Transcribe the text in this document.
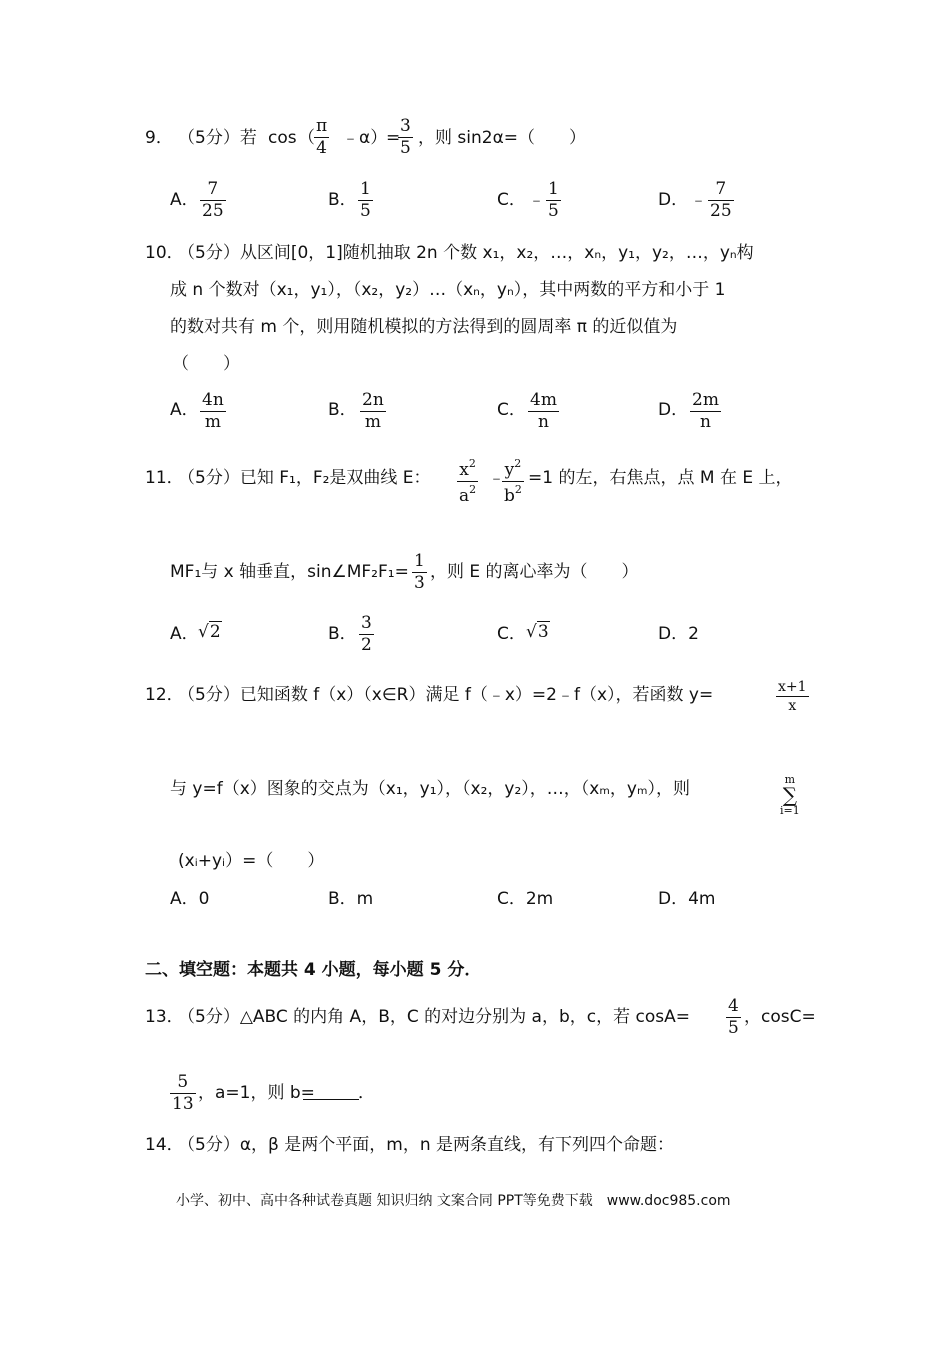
9． （5分）若 cos （ $\frac{\pi}{4}$ ﹣α）
=
$\frac{3}{5}$ ，则 sin2α=（　　）
A． $\frac{7}{25}$	B． $\frac{1}{5}$	C． ﹣ $\frac{1}{5}$	D． ﹣ $\frac{7}{25}$
10．
（5分）从区间[0，1]随机抽取 2n 个数 x₁，x₂，…，xₙ，y₁，y₂，…，yₙ构
成 n 个数对（x₁，y₁），（x₂，y₂）…（xₙ，yₙ），其中两数的平方和小于 1
的数对共有 m 个，则用随机模拟的方法得到的圆周率 π 的近似值为
（　　）
A． $\frac{4n}{m}$	B． $\frac{2n}{m}$	C． $\frac{4m}{n}$	D． $\frac{2m}{n}$
11．
（5分）已知 F₁，F₂是双曲线 E： $\frac{x^2}{a^2}$ ﹣
$\frac{y^2}{b^2} =1$ 的左，右焦点，点 M 在 E 上，
MF₁与 x 轴垂直，sin∠MF₂F₁= $\frac{1}{3}$ ，则 E 的离心率为（　　）
A． √2	B． $\frac{3}{2}$	C． √3	D．2
12．
（5分）已知函数 f（x）（x∈R）满足 f（﹣x）=2﹣f（x），若函数 y=	$\frac{x+1}{x}$
与 y=f（x）图象的交点为（x₁，y₁），（x₂，y₂），…，（xₘ，yₘ），则	m
∑
i=1
(xᵢ+yᵢ）=（　　）
A．0	B．m	C．2m	D．4m
二、填空题：本题共 4 小题，每小题 5 分．
13．
（5分）△ABC 的内角 A，B，C 的对边分别为 a，b，c，若 $\cos A= \frac{4}{5}$ ，cosC=
$\frac{5}{13}$ ，a=1，则 b=	．
14．
（5分）α，β 是两个平面，m，n 是两条直线，有下列四个命题：
小学、初中、高中各种试卷真题 知识归纳 文案合同 PPT等免费下载　www.doc985.com
